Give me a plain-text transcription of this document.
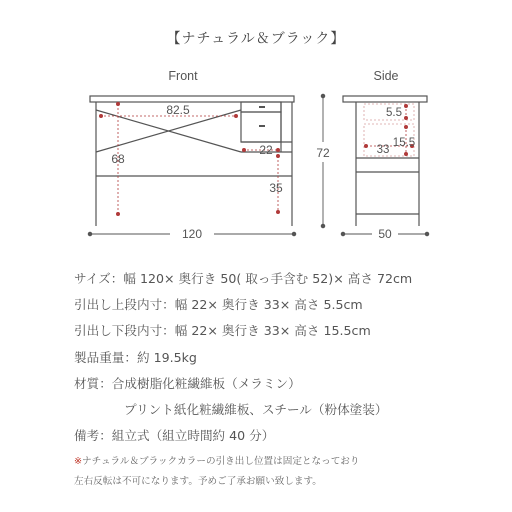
【ナチュラル＆ブラック】
Front
82.5
68
22
35
120
72
Side
5.5
15.5
33
50
サイズ：幅 120× 奥行き 50( 取っ手含む 52)× 高さ 72cm
引出し上段内寸：幅 22× 奥行き 33× 高さ 5.5cm
引出し下段内寸：幅 22× 奥行き 33× 高さ 15.5cm
製品重量：約 19.5kg
材質：合成樹脂化粧繊維板（メラミン）
プリント紙化粧繊維板、スチール（粉体塗装）
備考：組立式（組立時間約 40 分）
※ナチュラル＆ブラックカラーの引き出し位置は固定となっており
左右反転は不可になります。予めご了承お願い致します。
